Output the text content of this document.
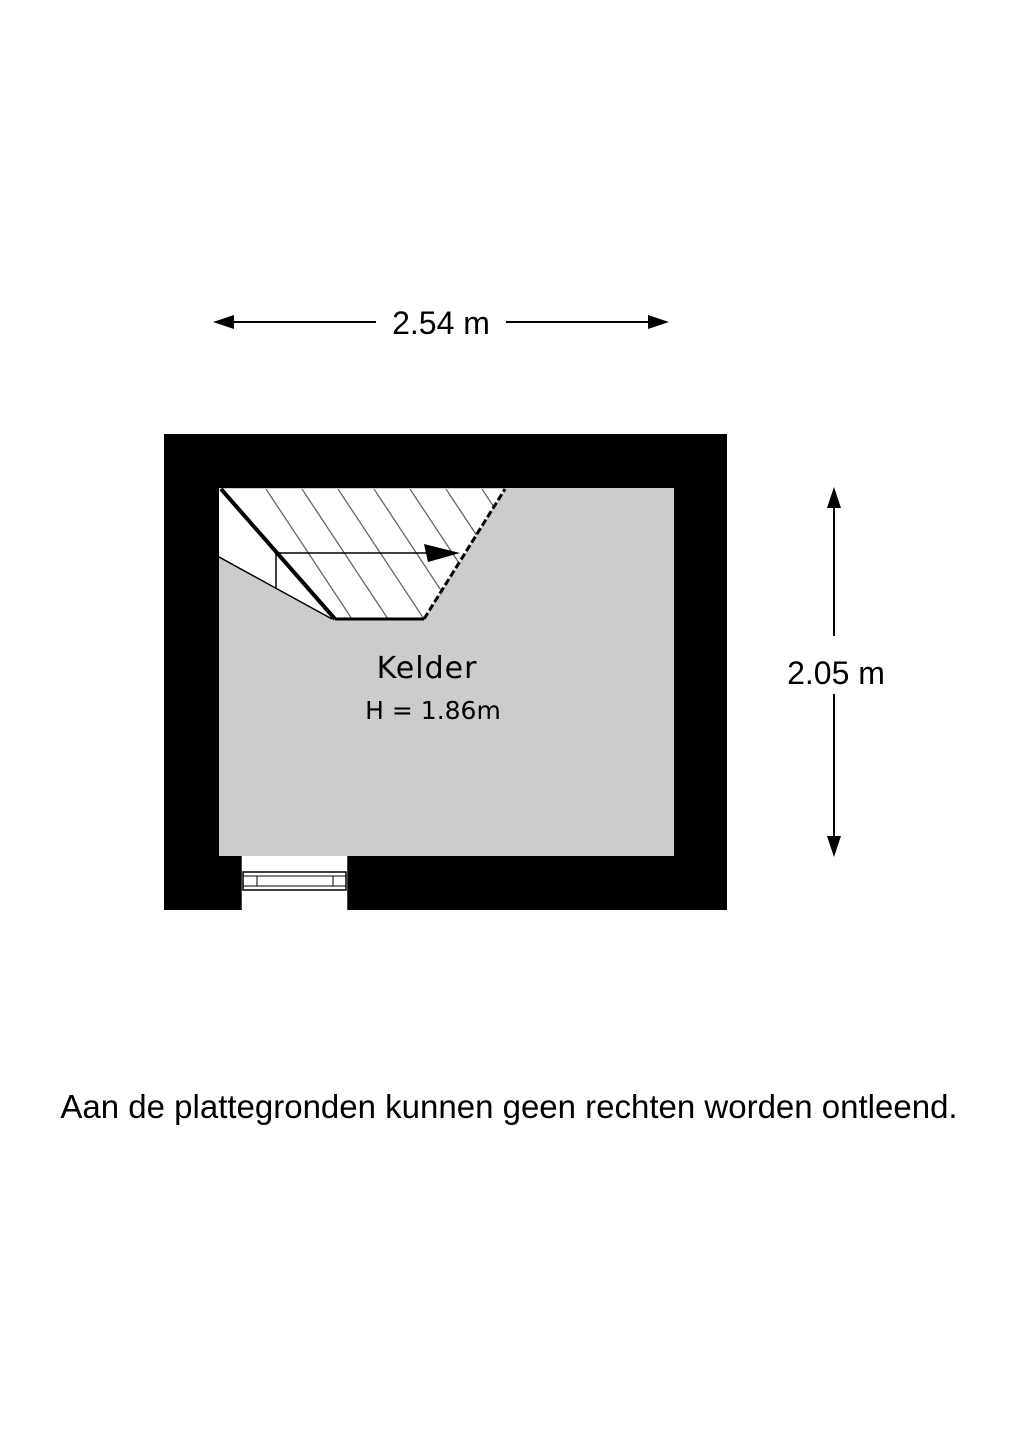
2.54 m
2.05 m
Kelder
H = 1.86m
Aan de plattegronden kunnen geen rechten worden ontleend.
